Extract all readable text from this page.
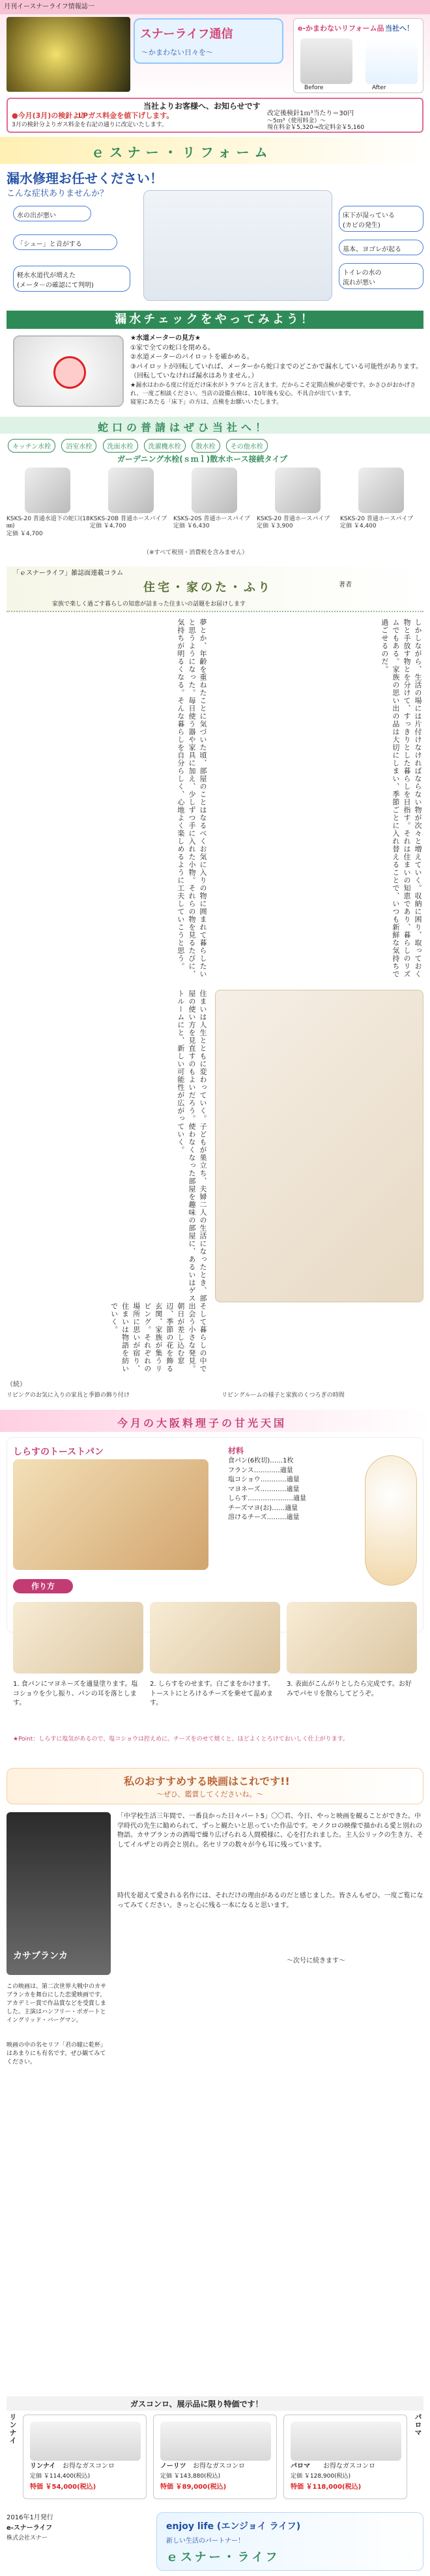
月刊イースナーライフ情報誌一
スナーライフ通信
～かまわない日々を～
e-かまわないリフォーム品 当社へ！
Before	After
当社よりお客様へ、お知らせです
●今月(3月)の検針より
LPガス料金を値下げします。
3月の検針分よりガス料金を右記の通りに改定いたします。
改定後検針1ｍ³当たり＝30円
～5ｍ³（使用料金）～
現在料金￥5,320→改定料金￥5,160
ｅスナー・リフォーム
漏水修理お任せください！
こんな症状ありませんか？
水の出が悪い
「シュー」と音がする
軽水水道代が増えた
(メータ－の確認にて判明)
床下が湿っている
(カビの発生)
基本、ヨゴレが起る
トイレの水の
流れが悪い
漏水チェックをやってみよう！
★水道メーターの見方★
①家で全ての蛇口を閉める。
②水道メーターのパイロットを確かめる。
③パイロットが回転していれば、メーターから蛇口までのどこかで漏水している可能性があります。
（回転していなければ漏水はありません。）
★漏水はわかる度に付近だけ床水がトラブルと言えます。だからこそ定期点検が必要です。かさひがおかげされ、一度ご相談ください。当店の設備点検は、10年後も安心。不具合が出ています。
寝室にあたる「床下」の方は、点検をお願いいたします。
蛇口の普請はぜひ当社へ！
キッチン水栓 浴室水栓 洗面水栓 洗濯機水栓 散水栓 その他水栓
ガーデニング水栓(ｓｍｌ)散水ホース接続タイプ
KSKS-20 普通水道下の蛇口(18㎜)
定価 ￥4,700
KSKS-20B 普通ホースバイブ
定価 ￥4,700
KSKS-20S 普通ホースパイプ
定価 ￥6,430
KSKS-20 普通ホースパイプ
定価 ￥3,900
KSKS-20 普通ホースパイプ
定価 ￥4,400
（※すべて税別・消費税を含みません）
「ｅスナーライフ」雑誌面連載コラム
住宅・家のた・ふり	著者
家族で楽しく過ごす暮らしの知恵が詰まった住まいの話題をお届けします
夢とか、年齢を重ねたことに気づいた頃、部屋のことはなるべくお気に入りの物に囲まれて暮らしたいと思うようになった。毎日使う器や家具に加え、少しずつ手に入れた小物。それらの物を見るたびに、気持ちが明るくなる。そんな暮らしを自分らしく、心地よく楽しめるように工夫していこうと思う。	しかしながら、生活の場には片付けなければならない物が次々と増えていく。収納に困り、取っておく物と手放す物とを分けて、すっきりとした暮らしを目指す。それは住まいの知恵であり、暮らしのリズムでもある。家族の思い出の品は大切にしまい、季節ごとに入れ替えることで、いつも新鮮な気持ちで過ごせるのだ。
住まいは人生とともに変わっていく。子どもが巣立ち、夫婦二人の生活になったとき、部屋の使い方を見直すのもよいだろう。使わなくなった部屋を趣味の部屋に、あるいはゲストルームにと、新しい可能性が広がっていく。
そして暮らしの中で出会う小さな発見。朝日が差し込む窓辺、季節の花を飾る玄関、家族が集うリビング。それぞれの場所に思いが宿り、住まいは物語を紡いでいく。
（続）
リビングのお気に入りの家具と季節の飾り付け	リビングルームの様子と家族のくつろぎの時間
今月の大阪料理子の甘光天国
しらすのトーストパン	材料
食パン(6枚切)……1枚
フランス…………適量
塩コショウ…………適量
マヨネーズ…………適量
しらす…………………適量
チーズマヨ(お)……適量
溶けるチーズ………適量
作り方
1. 食パンにマヨネーズを適量塗ります。塩コショウを少し振り、パンの耳を落とします。
2. しらすをのせます。白ごまをかけます。トーストにとろけるチーズを乗せて温めます。
3. 表面がこんがりとしたら完成です。お好みでパセリを散らしてどうぞ。
★Point：しらすに塩気があるので、塩コショウは控えめに。チーズをのせて焼くと、ほどよくとろけておいしく仕上がります。
私のおすすめする映画はこれです!!
～ぜひ、鑑賞してくださいね。～
カサブランカ
「中学校生活三年間で、一番良かった日々パート5」〇〇君、今日、やっと映画を観ることができた。中学時代の先生に勧められて、ずっと観たいと思っていた作品です。モノクロの映像で描かれる愛と別れの物語。カサブランカの酒場で繰り広げられる人間模様に、心を打たれました。主人公リックの生き方、そしてイルザとの再会と別れ。名セリフの数々が今も耳に残っています。
時代を超えて愛される名作には、それだけの理由があるのだと感じました。皆さんもぜひ、一度ご覧になってみてください。きっと心に残る一本になると思います。
この映画は、第二次世界大戦中のカサブランカを舞台にした恋愛映画です。アカデミー賞で作品賞などを受賞しました。主演はハンフリー・ボガートとイングリッド・バーグマン。
映画の中の名セリフ「君の瞳に乾杯」はあまりにも有名です。ぜひ観てみてください。
～次号に続きます～
ガスコンロ、展示品に限り特価です！
リンナイ	パロマ
リンナイ お得なガスコンロ
定価 ￥114,400(税込)
特価 ￥54,000(税込)
ノーリツ お得なガスコンロ
定価 ￥143,880(税込)
特価 ￥89,000(税込)
パロマ お得なガスコンロ
定価 ￥128,900(税込)
特価 ￥118,000(税込)
2016年1月発行
e-スナーライフ
株式会社スナー
enjoy life (エンジョイ ライフ)
新しい生活のパートナー！
ｅスナー・ライフ
